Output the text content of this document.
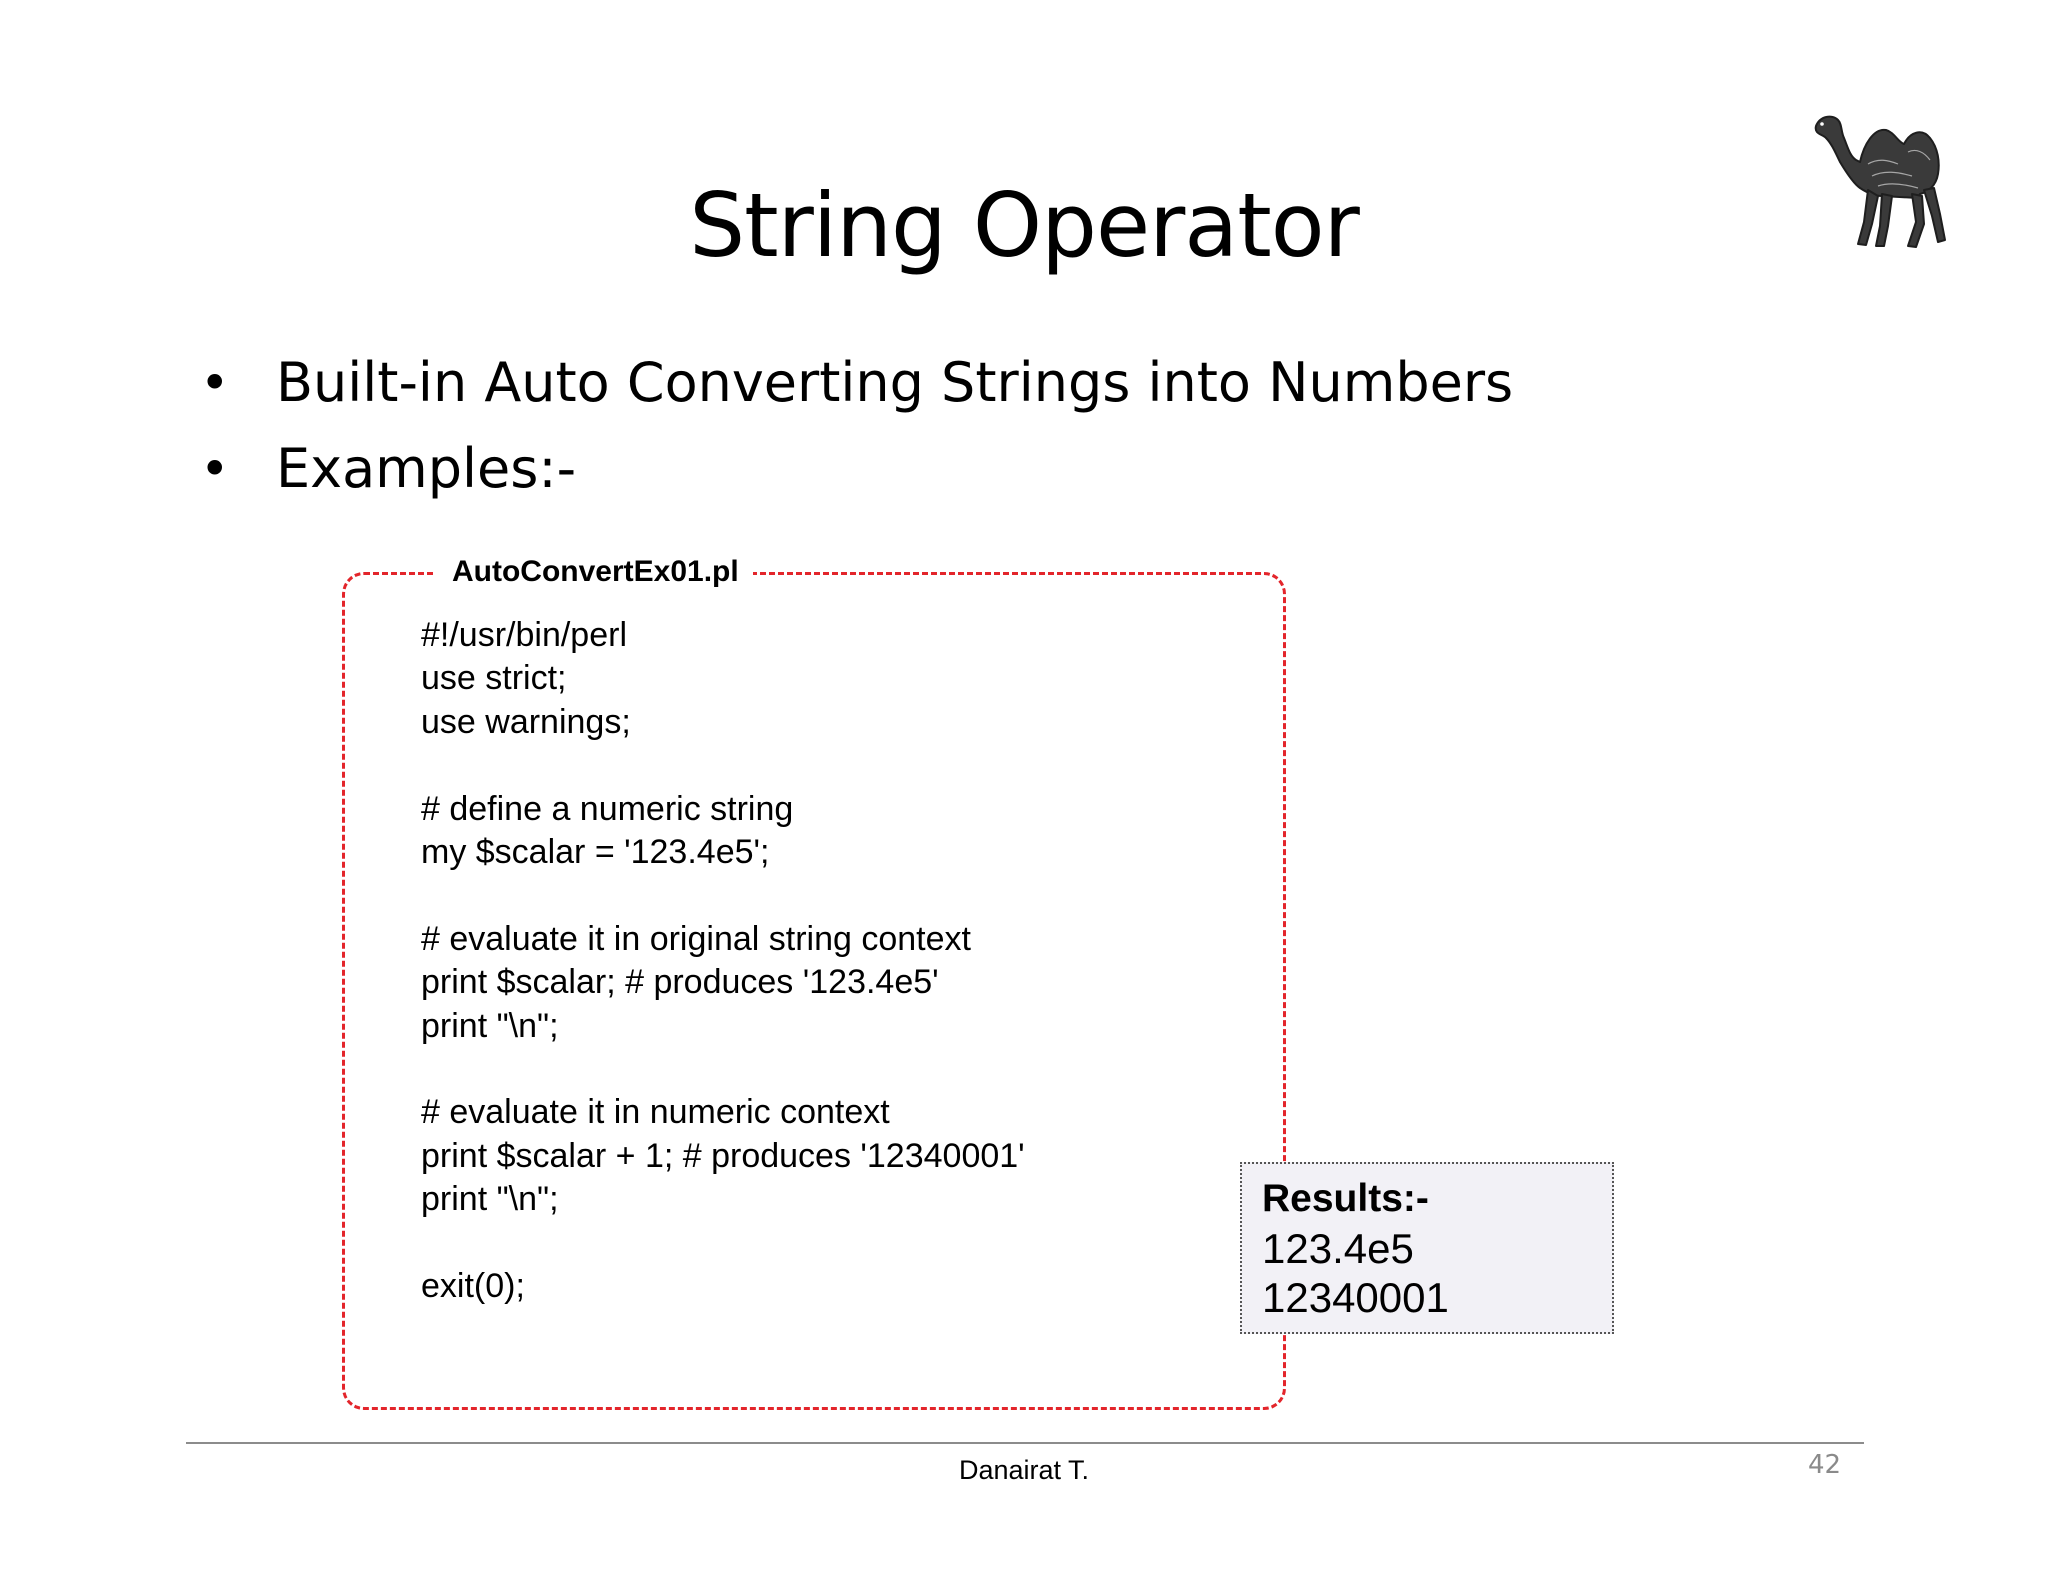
String Operator
• Built-in Auto Converting Strings into Numbers
• Examples:-
AutoConvertEx01.pl
#!/usr/bin/perl
use strict;
use warnings;
# define a numeric string
my $scalar = '123.4e5';
# evaluate it in original string context
print $scalar; # produces '123.4e5'
print "\n";
# evaluate it in numeric context
print $scalar + 1; # produces '12340001'
print "\n";
exit(0);
Results:-
123.4e5
12340001
Danairat T.	42
